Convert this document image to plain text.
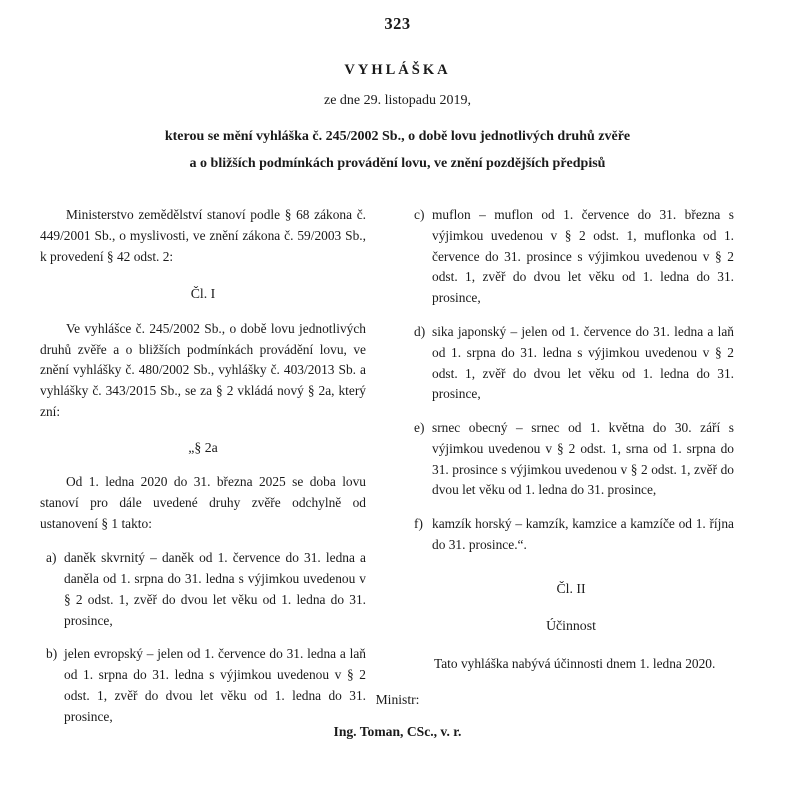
323
VYHLÁŠKA
ze dne 29. listopadu 2019,
kterou se mění vyhláška č. 245/2002 Sb., o době lovu jednotlivých druhů zvěře
a o bližších podmínkách provádění lovu, ve znění pozdějších předpisů

Ministerstvo zemědělství stanoví podle § 68 zákona č. 449/2001 Sb., o myslivosti, ve znění zákona č. 59/2003 Sb., k provedení § 42 odst. 2:

Čl. I

Ve vyhlášce č. 245/2002 Sb., o době lovu jednotlivých druhů zvěře a o bližších podmínkách provádění lovu, ve znění vyhlášky č. 480/2002 Sb., vyhlášky č. 403/2013 Sb. a vyhlášky č. 343/2015 Sb., se za § 2 vkládá nový § 2a, který zní:

„§ 2a

Od 1. ledna 2020 do 31. března 2025 se doba lovu stanoví pro dále uvedené druhy zvěře odchylně od ustanovení § 1 takto:

a) daněk skvrnitý – daněk od 1. července do 31. ledna a daněla od 1. srpna do 31. ledna s výjimkou uvedenou v § 2 odst. 1, zvěř do dvou let věku od 1. ledna do 31. prosince,
b) jelen evropský – jelen od 1. července do 31. ledna a laň od 1. srpna do 31. ledna s výjimkou uvedenou v § 2 odst. 1, zvěř do dvou let věku od 1. ledna do 31. prosince,
c) muflon – muflon od 1. července do 31. března s výjimkou uvedenou v § 2 odst. 1, muflonka od 1. července do 31. prosince s výjimkou uvedenou v § 2 odst. 1, zvěř do dvou let věku od 1. ledna do 31. prosince,
d) sika japonský – jelen od 1. července do 31. ledna a laň od 1. srpna do 31. ledna s výjimkou uvedenou v § 2 odst. 1, zvěř do dvou let věku od 1. ledna do 31. prosince,
e) srnec obecný – srnec od 1. května do 30. září s výjimkou uvedenou v § 2 odst. 1, srna od 1. srpna do 31. prosince s výjimkou uvedenou v § 2 odst. 1, zvěř do dvou let věku od 1. ledna do 31. prosince,
f) kamzík horský – kamzík, kamzice a kamzíče od 1. října do 31. prosince.“.
Čl. II
Účinnost

Tato vyhláška nabývá účinnosti dnem 1. ledna 2020.

Ministr:
Ing. Toman, CSc., v. r.
